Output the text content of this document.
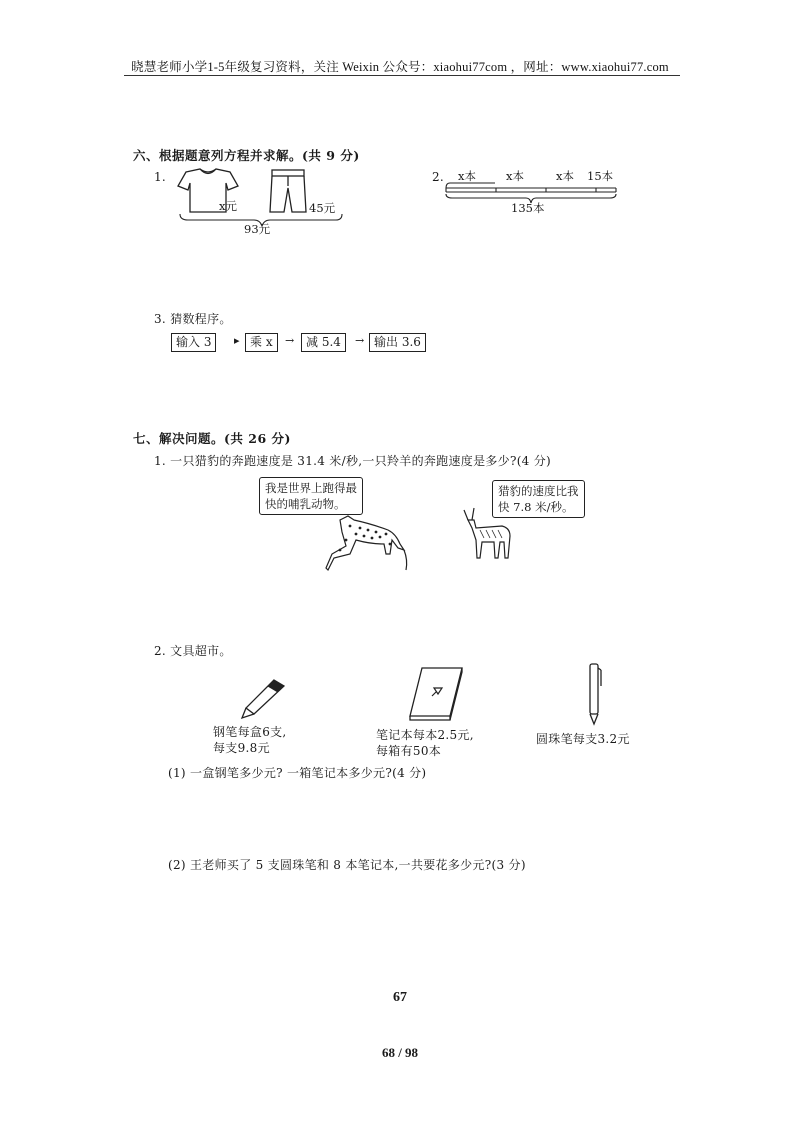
晓慧老师小学1-5年级复习资料，关注 Weixin 公众号：xiaohui77com ，网址：www.xiaohui77.com
六、根据题意列方程并求解。(共 9 分)
1.
x元	45元
93元
2. x本	x本	x本 15本
135本
3. 猜数程序。
输入 3	▸ 乘 x	→ 减 5.4	→ 输出 3.6
七、解决问题。(共 26 分)
1. 一只猎豹的奔跑速度是 31.4 米/秒,一只羚羊的奔跑速度是多少?(4 分)
我是世界上跑得最
快的哺乳动物。
猎豹的速度比我
快 7.8 米/秒。
2. 文具超市。
钢笔每盒6支,
每支9.8元
笔记本每本2.5元,
每箱有50本
圆珠笔每支3.2元
(1) 一盒钢笔多少元? 一箱笔记本多少元?(4 分)
(2) 王老师买了 5 支圆珠笔和 8 本笔记本,一共要花多少元?(3 分)
67
68 / 98
